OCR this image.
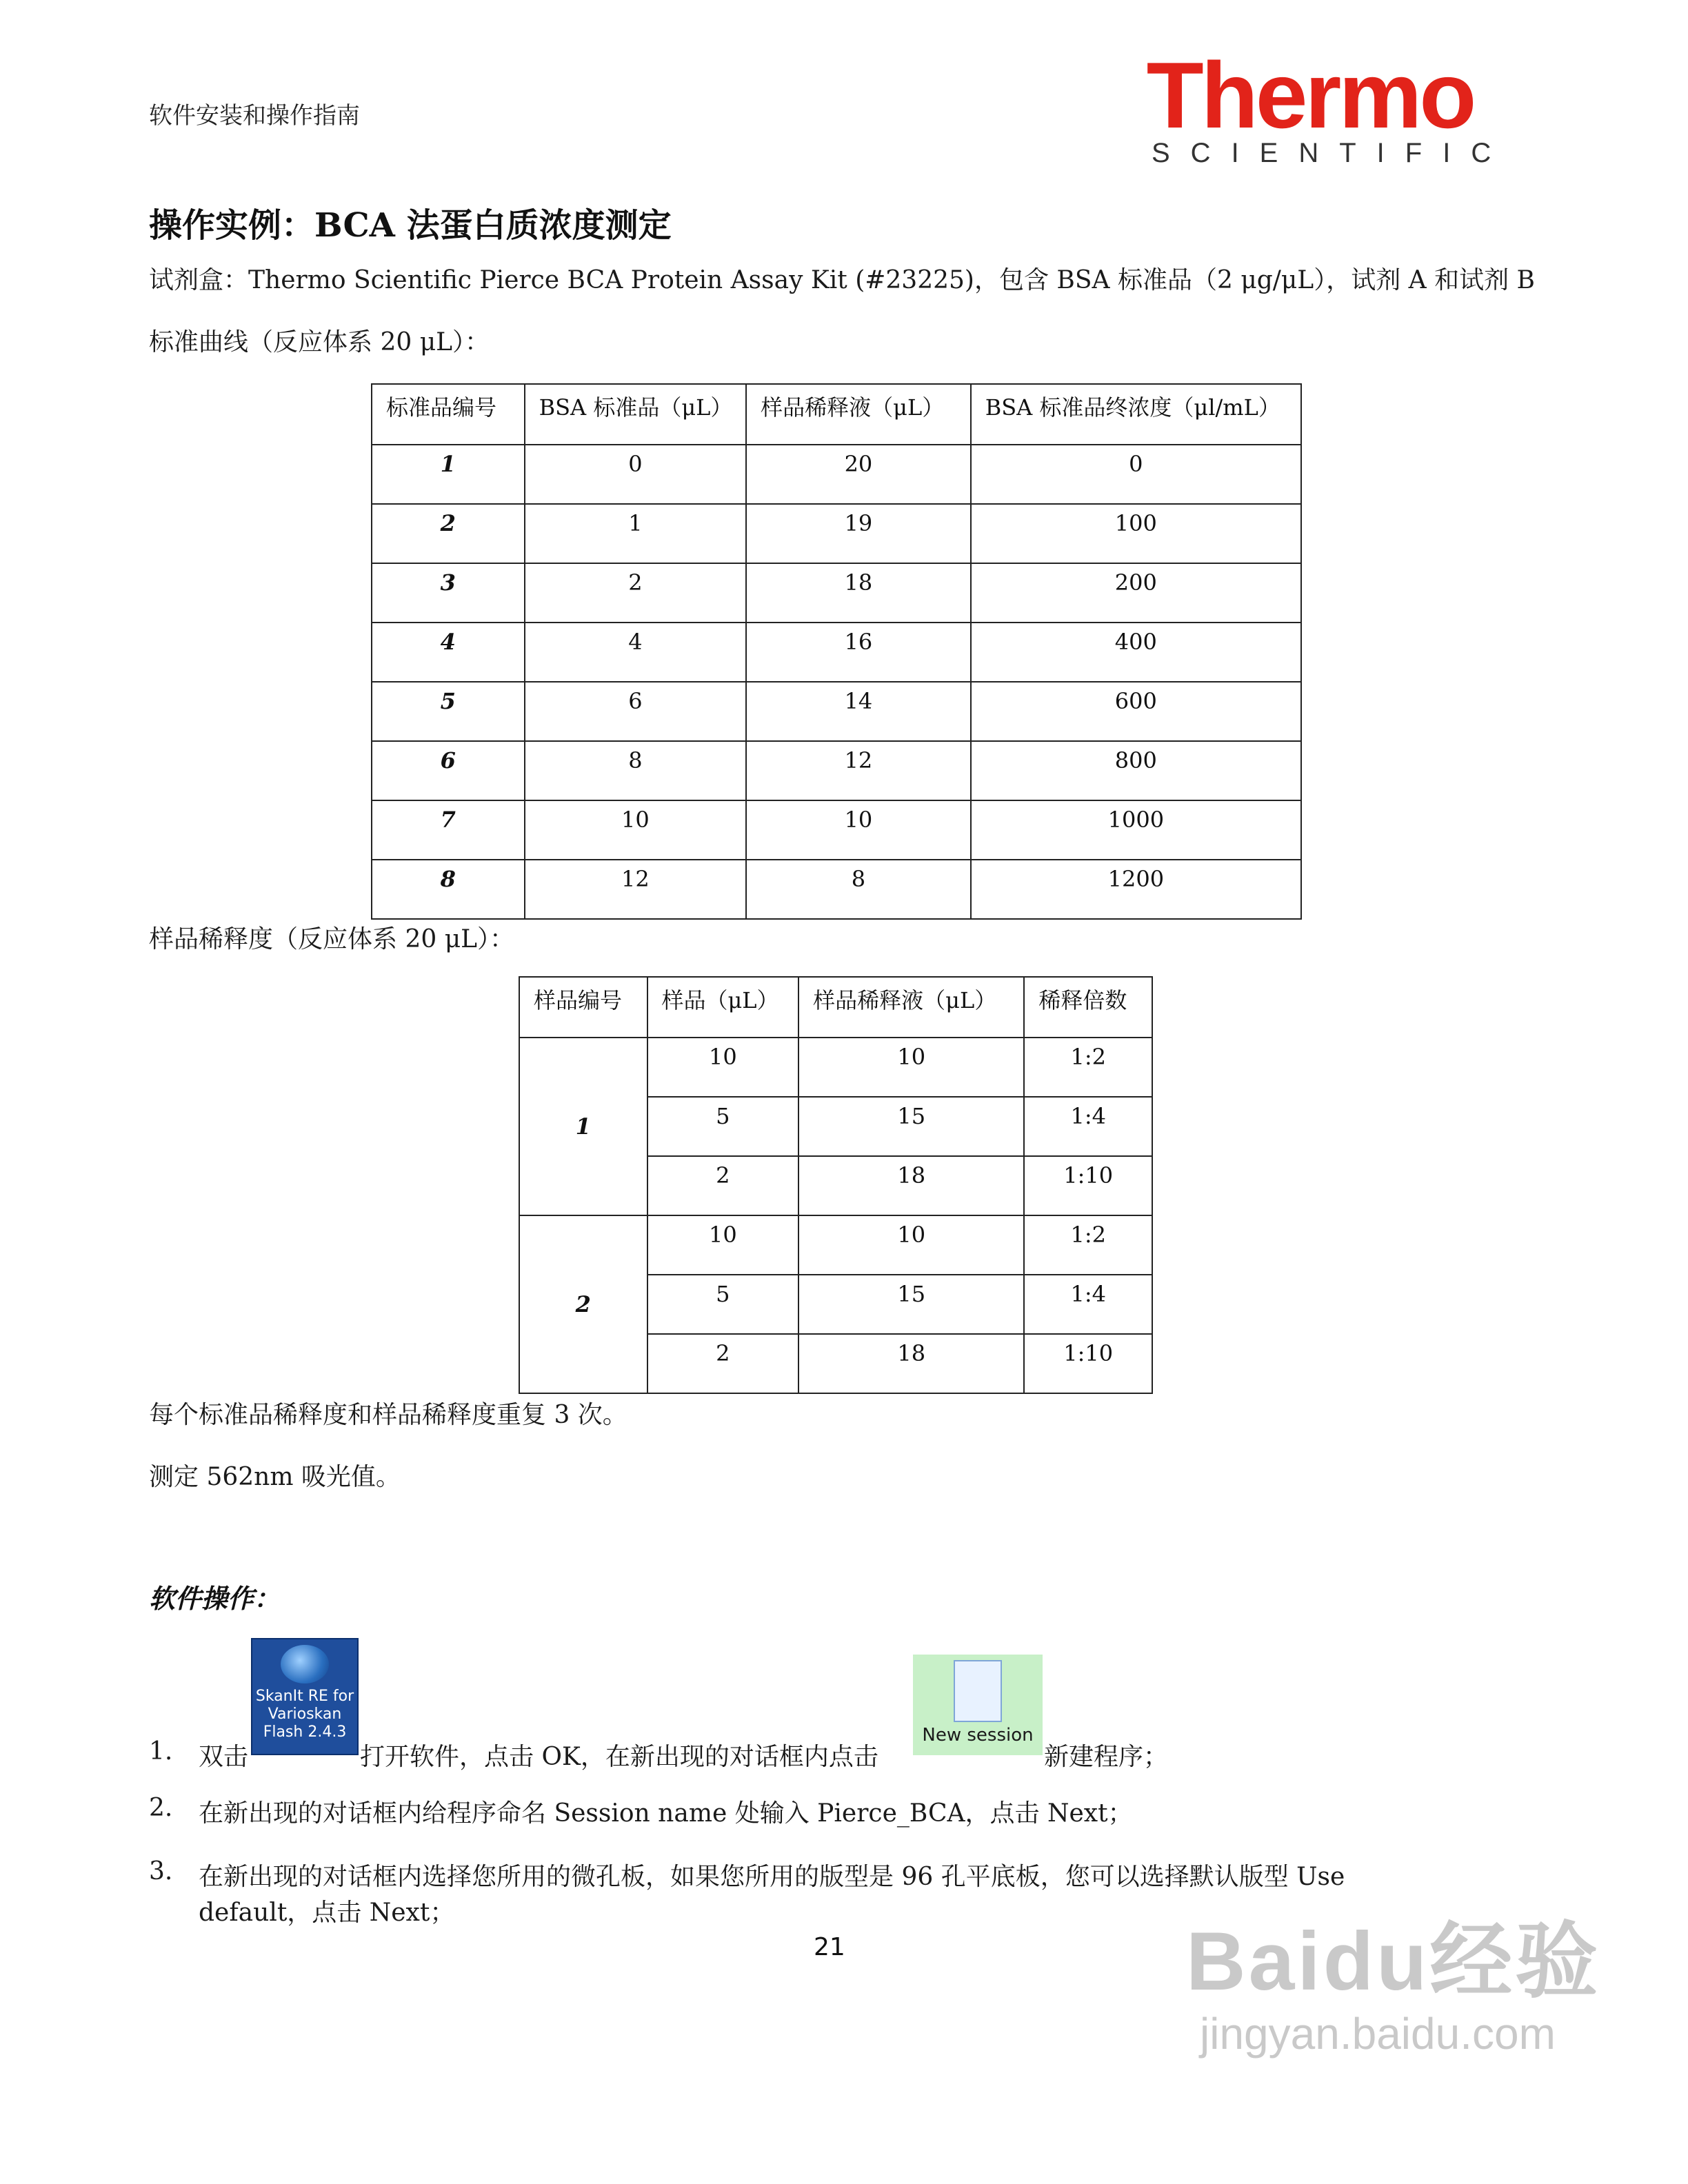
软件安装和操作指南	Thermo
SCIENTIFIC
操作实例：BCA 法蛋白质浓度测定
试剂盒：Thermo Scientific Pierce BCA Protein Assay Kit (#23225)，包含 BSA 标准品（2 μg/μL），试剂 A 和试剂 B
标准曲线（反应体系 20 μL）：
标准品编号	BSA 标准品（μL）	样品稀释液（μL）	BSA 标准品终浓度（μl/mL）
1	0	20	0
2	1	19	100
3	2	18	200
4	4	16	400
5	6	14	600
6	8	12	800
7	10	10	1000
8	12	8	1200
样品稀释度（反应体系 20 μL）：
样品编号	样品（μL）	样品稀释液（μL）	稀释倍数
1	10	10	1:2
	5	15	1:4
	2	18	1:10
2	10	10	1:2
	5	15	1:4
	2	18	1:10
每个标准品稀释度和样品稀释度重复 3 次。
测定 562nm 吸光值。
软件操作：
1. 双击
SkanIt RE for
Varioskan
Flash 2.4.3
打开软件，点击 OK，在新出现的对话框内点击
New session
新建程序；
2. 在新出现的对话框内给程序命名 Session name 处输入 Pierce_BCA，点击 Next；
3. 在新出现的对话框内选择您所用的微孔板，如果您所用的版型是 96 孔平底板，您可以选择默认版型 Use
default，点击 Next；
21	Baidu经验
jingyan.baidu.com
